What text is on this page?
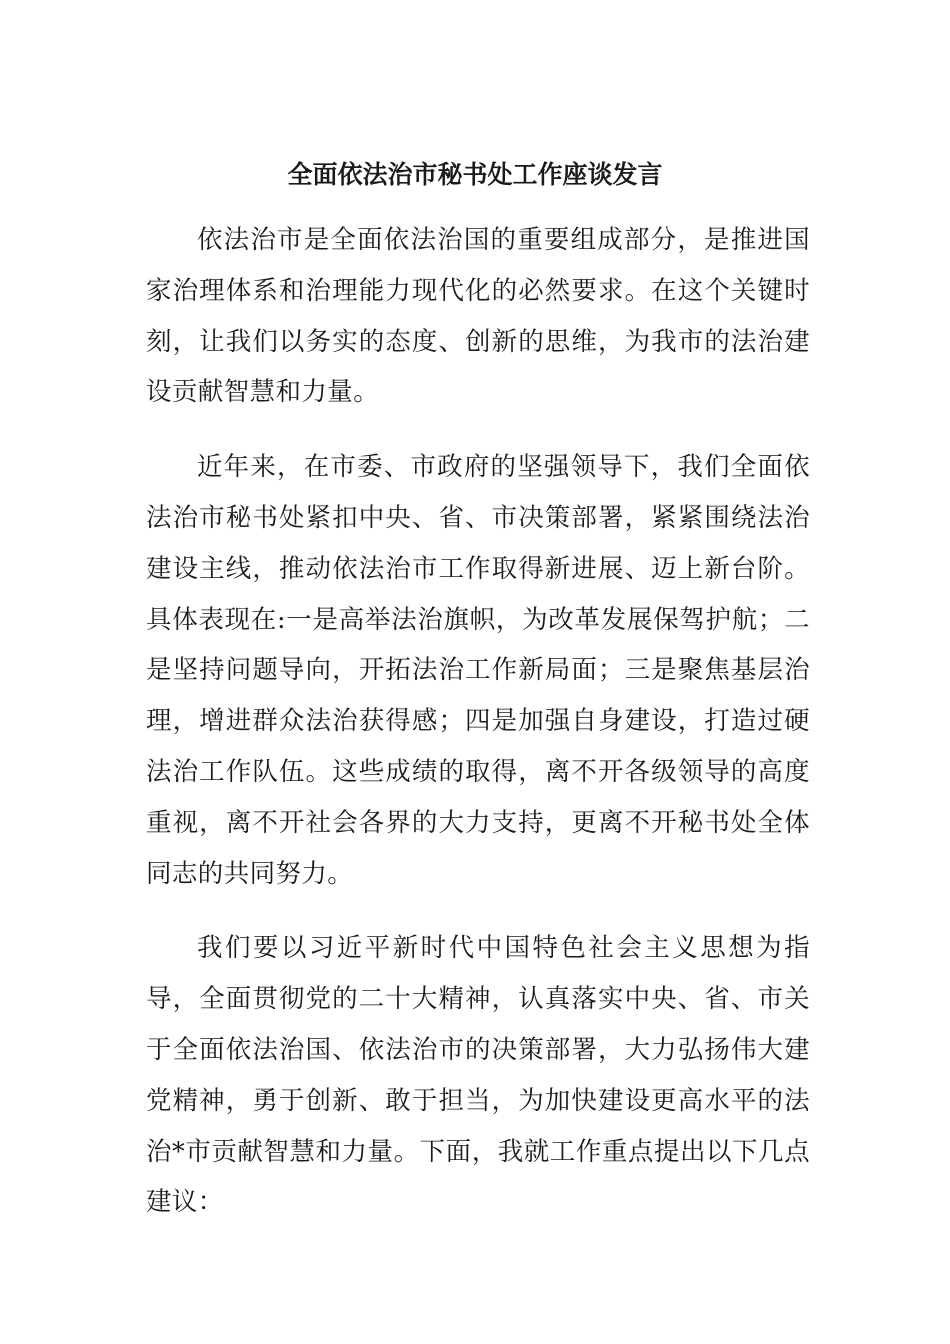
全面依法治市秘书处工作座谈发言

依法治市是全面依法治国的重要组成部分，是推进国家治理体系和治理能力现代化的必然要求。在这个关键时刻，让我们以务实的态度、创新的思维，为我市的法治建设贡献智慧和力量。

近年来，在市委、市政府的坚强领导下，我们全面依法治市秘书处紧扣中央、省、市决策部署，紧紧围绕法治建设主线，推动依法治市工作取得新进展、迈上新台阶。具体表现在:一是高举法治旗帜，为改革发展保驾护航；二是坚持问题导向，开拓法治工作新局面；三是聚焦基层治理，增进群众法治获得感；四是加强自身建设，打造过硬法治工作队伍。这些成绩的取得，离不开各级领导的高度重视，离不开社会各界的大力支持，更离不开秘书处全体同志的共同努力。

我们要以习近平新时代中国特色社会主义思想为指导，全面贯彻党的二十大精神，认真落实中央、省、市关于全面依法治国、依法治市的决策部署，大力弘扬伟大建党精神，勇于创新、敢于担当，为加快建设更高水平的法治*市贡献智慧和力量。下面，我就工作重点提出以下几点建议：
